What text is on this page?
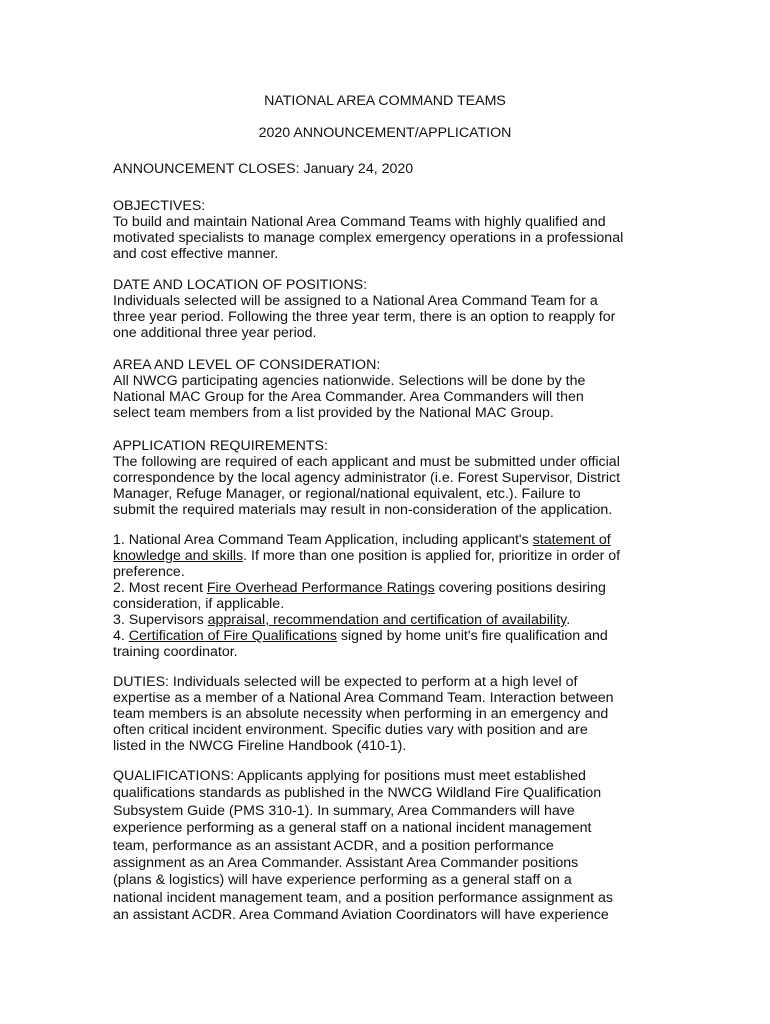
NATIONAL AREA COMMAND TEAMS
2020 ANNOUNCEMENT/APPLICATION
ANNOUNCEMENT CLOSES: January 24, 2020
OBJECTIVES:
To build and maintain National Area Command Teams with highly qualified and
motivated specialists to manage complex emergency operations in a professional
and cost effective manner.
DATE AND LOCATION OF POSITIONS:
Individuals selected will be assigned to a National Area Command Team for a
three year period. Following the three year term, there is an option to reapply for
one additional three year period.
AREA AND LEVEL OF CONSIDERATION:
All NWCG participating agencies nationwide. Selections will be done by the
National MAC Group for the Area Commander. Area Commanders will then
select team members from a list provided by the National MAC Group.
APPLICATION REQUIREMENTS:
The following are required of each applicant and must be submitted under official
correspondence by the local agency administrator (i.e. Forest Supervisor, District
Manager, Refuge Manager, or regional/national equivalent, etc.). Failure to
submit the required materials may result in non-consideration of the application.
1. National Area Command Team Application, including applicant's statement of
knowledge and skills. If more than one position is applied for, prioritize in order of
preference.
2. Most recent Fire Overhead Performance Ratings covering positions desiring
consideration, if applicable.
3. Supervisors appraisal, recommendation and certification of availability.
4. Certification of Fire Qualifications signed by home unit's fire qualification and
training coordinator.
DUTIES: Individuals selected will be expected to perform at a high level of
expertise as a member of a National Area Command Team. Interaction between
team members is an absolute necessity when performing in an emergency and
often critical incident environment. Specific duties vary with position and are
listed in the NWCG Fireline Handbook (410-1).
QUALIFICATIONS: Applicants applying for positions must meet established
qualifications standards as published in the NWCG Wildland Fire Qualification
Subsystem Guide (PMS 310-1). In summary, Area Commanders will have
experience performing as a general staff on a national incident management
team, performance as an assistant ACDR, and a position performance
assignment as an Area Commander. Assistant Area Commander positions
(plans & logistics) will have experience performing as a general staff on a
national incident management team, and a position performance assignment as
an assistant ACDR. Area Command Aviation Coordinators will have experience
